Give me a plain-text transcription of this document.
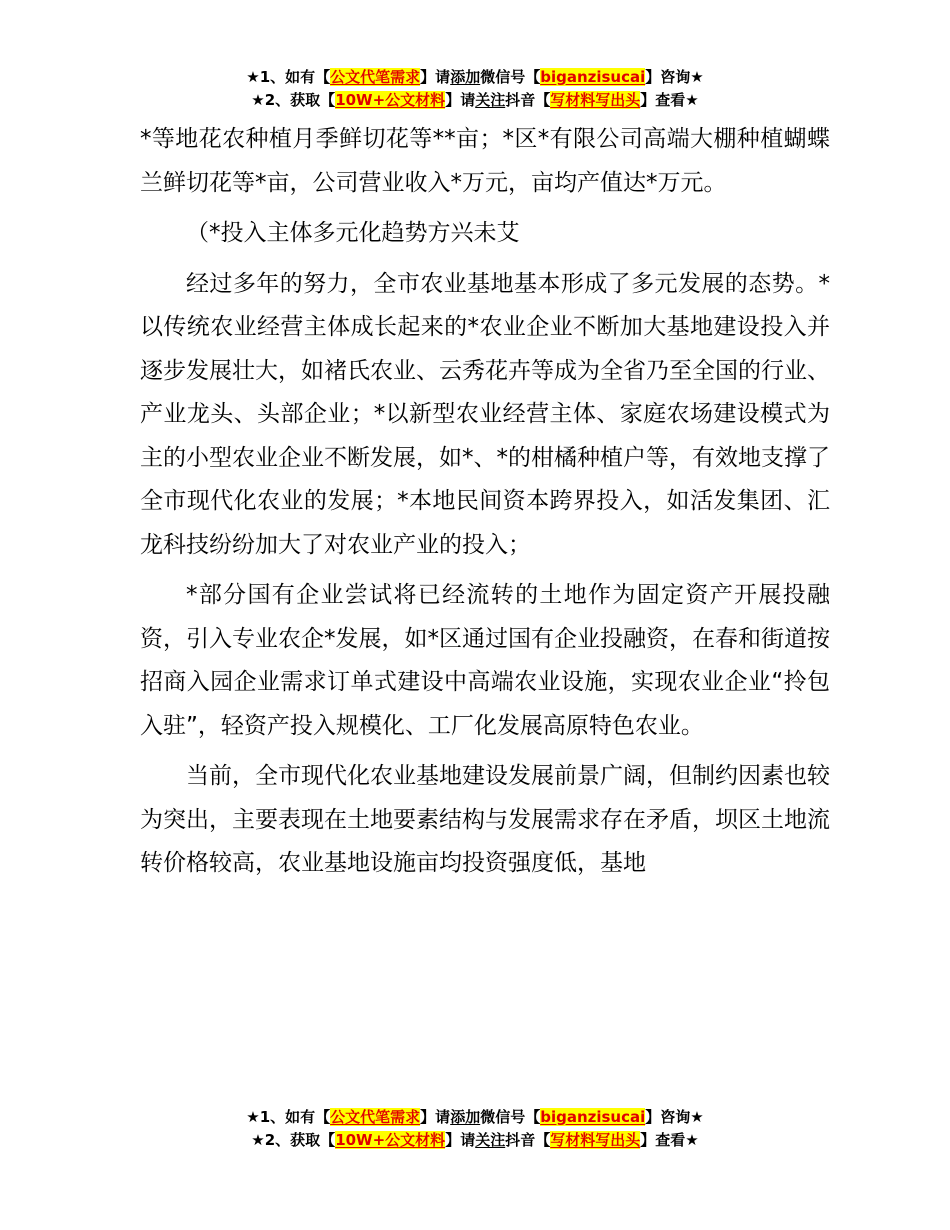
★1、如有【公文代笔需求】请添加微信号【biganzisucai】咨询★
★2、获取【10W+公文材料】请关注抖音【写材料写出头】查看★

*等地花农种植月季鲜切花等**亩；*区*有限公司高端大棚种植蝴蝶兰鲜切花等*亩，公司营业收入*万元，亩均产值达*万元。

（*投入主体多元化趋势方兴未艾

经过多年的努力，全市农业基地基本形成了多元发展的态势。*以传统农业经营主体成长起来的*农业企业不断加大基地建设投入并逐步发展壮大，如褚氏农业、云秀花卉等成为全省乃至全国的行业、产业龙头、头部企业；*以新型农业经营主体、家庭农场建设模式为主的小型农业企业不断发展，如*、*的柑橘种植户等，有效地支撑了全市现代化农业的发展；*本地民间资本跨界投入，如活发集团、汇龙科技纷纷加大了对农业产业的投入；

*部分国有企业尝试将已经流转的土地作为固定资产开展投融资，引入专业农企*发展，如*区通过国有企业投融资，在春和街道按招商入园企业需求订单式建设中高端农业设施，实现农业企业“拎包入驻”，轻资产投入规模化、工厂化发展高原特色农业。

当前，全市现代化农业基地建设发展前景广阔，但制约因素也较为突出，主要表现在土地要素结构与发展需求存在矛盾，坝区土地流转价格较高，农业基地设施亩均投资强度低，基地

★1、如有【公文代笔需求】请添加微信号【biganzisucai】咨询★
★2、获取【10W+公文材料】请关注抖音【写材料写出头】查看★
